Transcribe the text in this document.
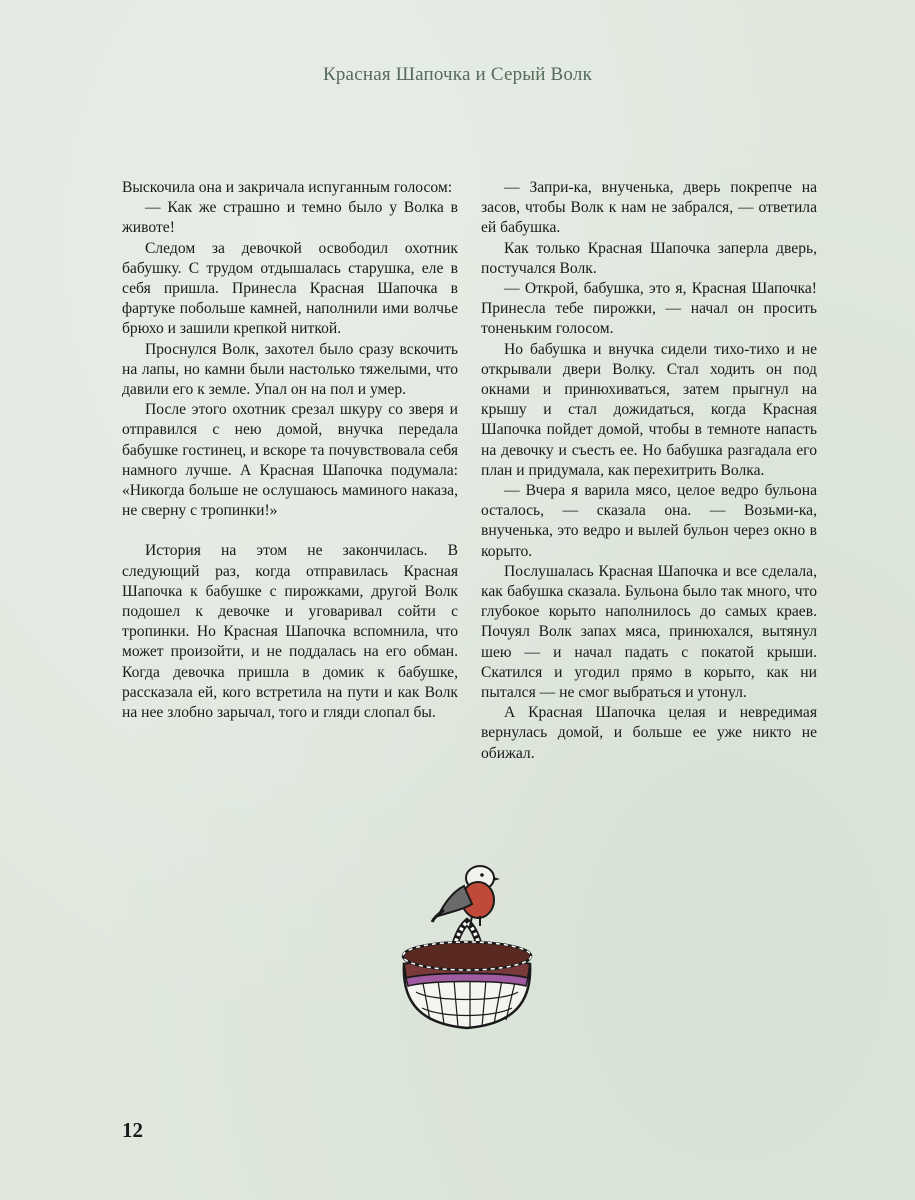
Красная Шапочка и Серый Волк

Выскочила она и закричала испуганным голосом:

— Как же страшно и темно было у Волка в животе!

Следом за девочкой освободил охотник бабушку. С трудом отдышалась старушка, еле в себя пришла. Принесла Красная Шапочка в фартуке побольше камней, наполнили ими волчье брюхо и зашили крепкой ниткой.

Проснулся Волк, захотел было сразу вскочить на лапы, но камни были настолько тяжелыми, что давили его к земле. Упал он на пол и умер.

После этого охотник срезал шкуру со зверя и отправился с нею домой, внучка передала бабушке гостинец, и вскоре та почувствовала себя намного лучше. А Красная Шапочка подумала: «Никогда больше не ослушаюсь маминого наказа, не сверну с тропинки!»

История на этом не закончилась. В следующий раз, когда отправилась Красная Шапочка к бабушке с пирожками, другой Волк подошел к девочке и уговаривал сойти с тропинки. Но Красная Шапочка вспомнила, что может произойти, и не поддалась на его обман. Когда девочка пришла в домик к бабушке, рассказала ей, кого встретила на пути и как Волк на нее злобно зарычал, того и гляди слопал бы.

— Запри-ка, внученька, дверь покрепче на засов, чтобы Волк к нам не забрался, — ответила ей бабушка.

Как только Красная Шапочка заперла дверь, постучался Волк.

— Открой, бабушка, это я, Красная Шапочка! Принесла тебе пирожки, — начал он просить тоненьким голосом.

Но бабушка и внучка сидели тихо-тихо и не открывали двери Волку. Стал ходить он под окнами и принюхиваться, затем прыгнул на крышу и стал дожидаться, когда Красная Шапочка пойдет домой, чтобы в темноте напасть на девочку и съесть ее. Но бабушка разгадала его план и придумала, как перехитрить Волка.

— Вчера я варила мясо, целое ведро бульона осталось, — сказала она. — Возьми-ка, внученька, это ведро и вылей бульон через окно в корыто.

Послушалась Красная Шапочка и все сделала, как бабушка сказала. Бульона было так много, что глубокое корыто наполнилось до самых краев. Почуял Волк запах мяса, принюхался, вытянул шею — и начал падать с покатой крыши. Скатился и угодил прямо в корыто, как ни пытался — не смог выбраться и утонул.

А Красная Шапочка целая и невредимая вернулась домой, и больше ее уже никто не обижал.

12
